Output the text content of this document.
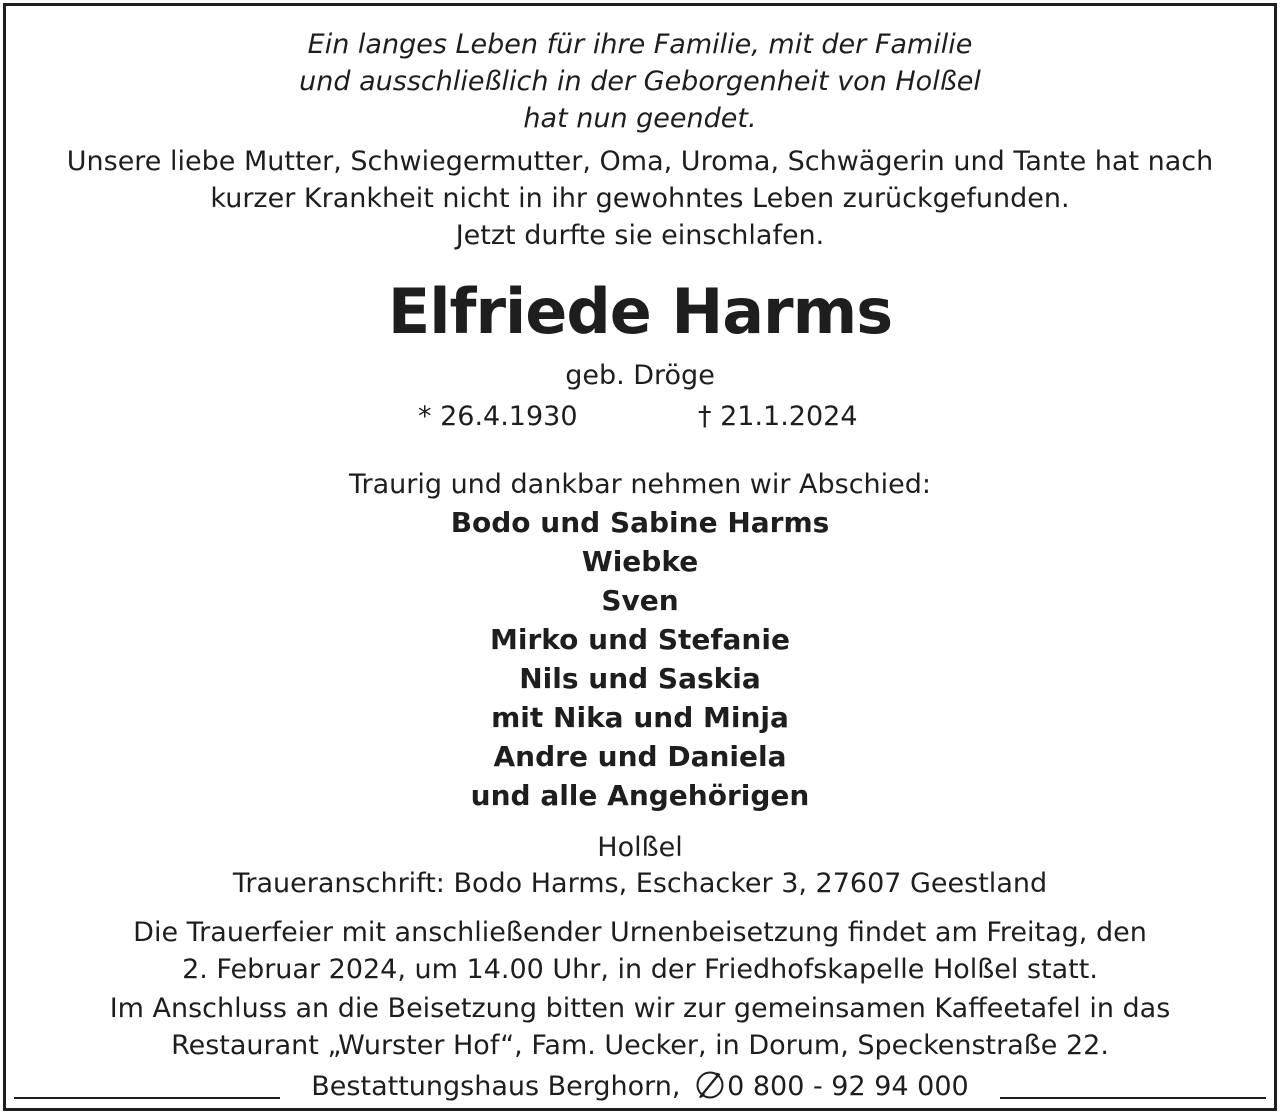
Ein langes Leben für ihre Familie, mit der Familie
und ausschließlich in der Geborgenheit von Holßel
hat nun geendet.
Unsere liebe Mutter, Schwiegermutter, Oma, Uroma, Schwägerin und Tante hat nach
kurzer Krankheit nicht in ihr gewohntes Leben zurückgefunden.
Jetzt durfte sie einschlafen.
Elfriede Harms
geb. Dröge
* 26.4.1930	† 21.1.2024
Traurig und dankbar nehmen wir Abschied:
Bodo und Sabine Harms
Wiebke
Sven
Mirko und Stefanie
Nils und Saskia
mit Nika und Minja
Andre und Daniela
und alle Angehörigen
Holßel
Traueranschrift: Bodo Harms, Eschacker 3, 27607 Geestland
Die Trauerfeier mit anschließender Urnenbeisetzung findet am Freitag, den
2. Februar 2024, um 14.00 Uhr, in der Friedhofskapelle Holßel statt.
Im Anschluss an die Beisetzung bitten wir zur gemeinsamen Kaffeetafel in das
Restaurant „Wurster Hof“, Fam. Uecker, in Dorum, Speckenstraße 22.
Bestattungshaus Berghorn, 0 800 - 92 94 000
